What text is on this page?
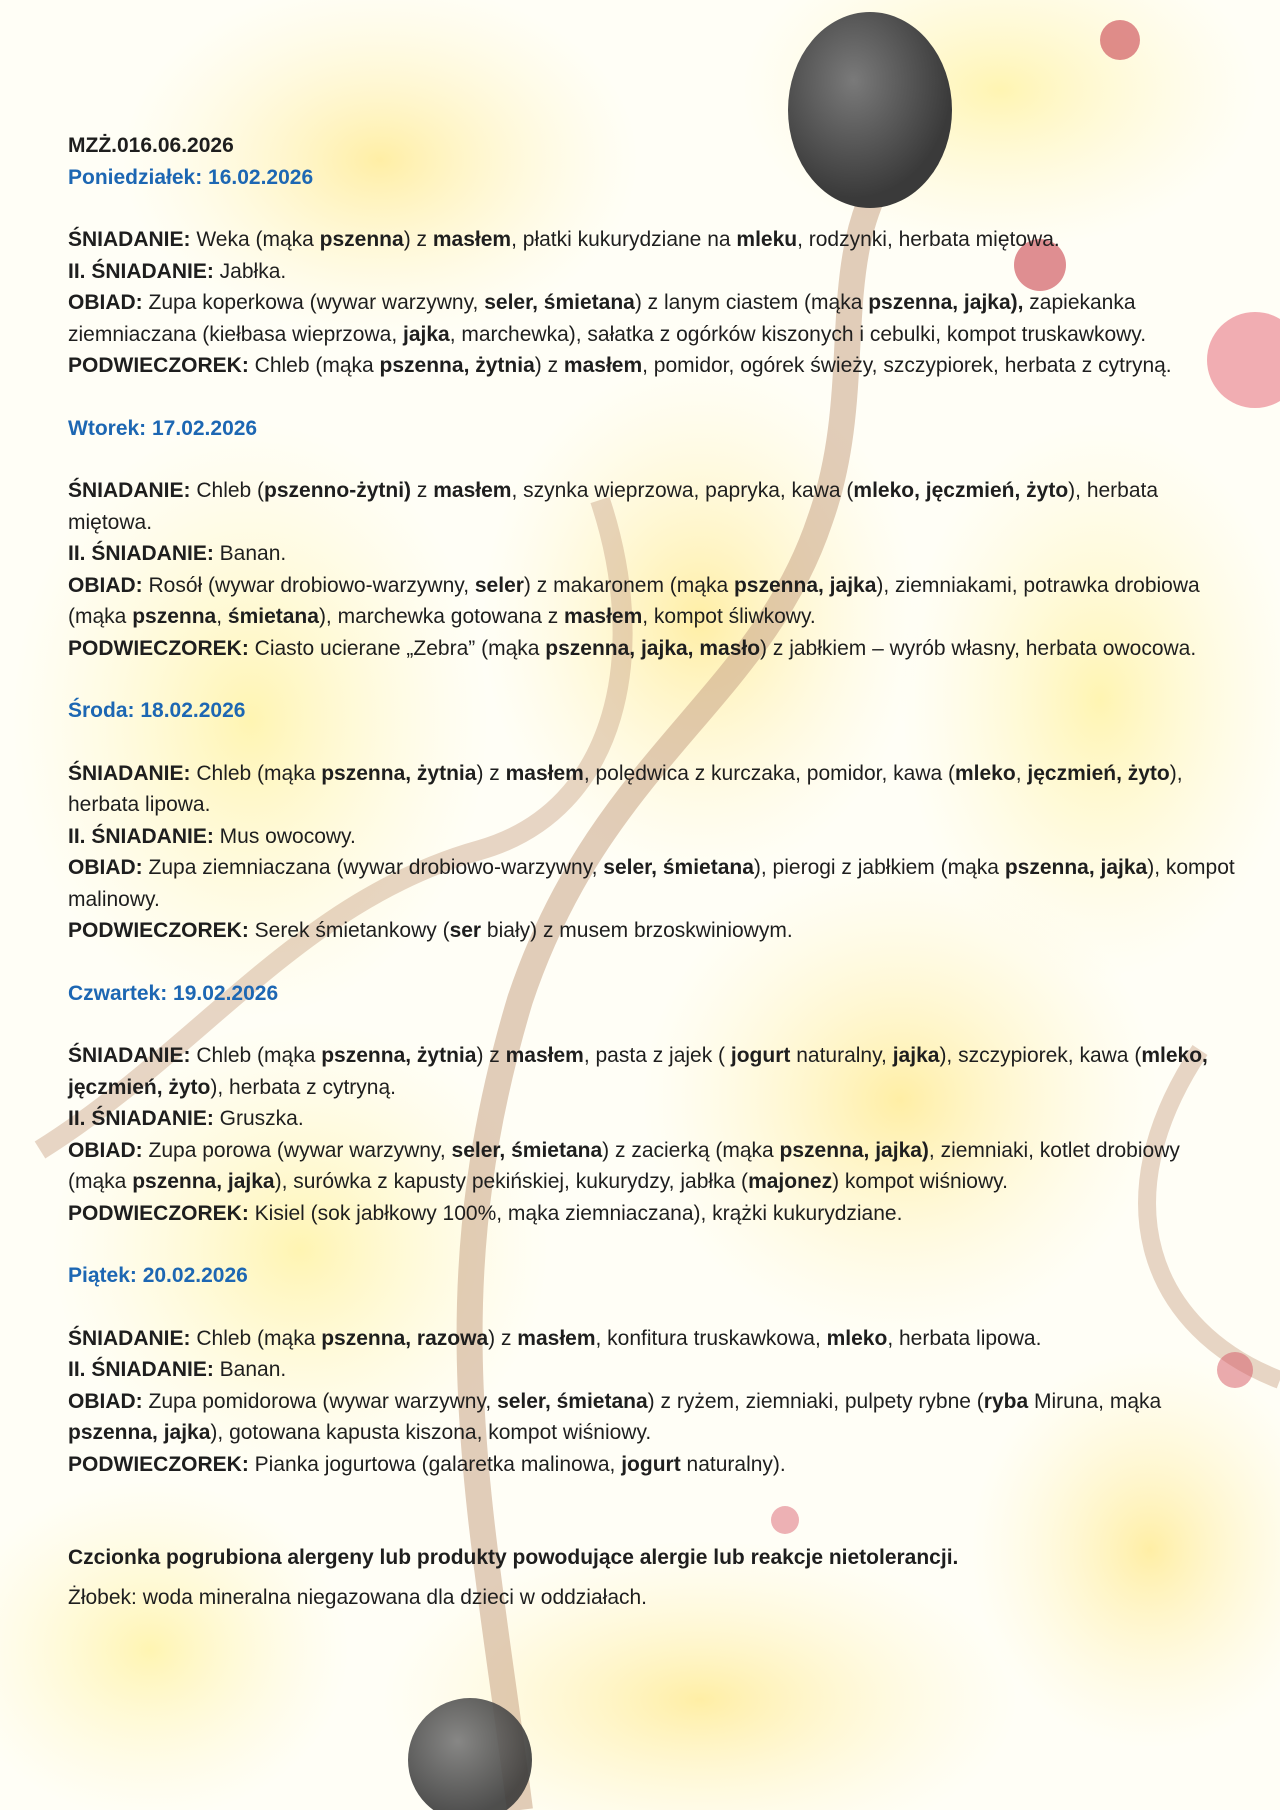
MZŻ.016.06.2026

Poniedziałek: 16.02.2026

ŚNIADANIE: Weka (mąka pszenna) z masłem, płatki kukurydziane na mleku, rodzynki, herbata miętowa.

II. ŚNIADANIE: Jabłka.

OBIAD: Zupa koperkowa (wywar warzywny, seler, śmietana) z lanym ciastem (mąka pszenna, jajka), zapiekanka ziemniaczana (kiełbasa wieprzowa, jajka, marchewka), sałatka z ogórków kiszonych i cebulki, kompot truskawkowy.

PODWIECZOREK: Chleb (mąka pszenna, żytnia) z masłem, pomidor, ogórek świeży, szczypiorek, herbata z cytryną.

Wtorek: 17.02.2026

ŚNIADANIE: Chleb (pszenno-żytni) z masłem, szynka wieprzowa, papryka, kawa (mleko, jęczmień, żyto), herbata miętowa.

II. ŚNIADANIE: Banan.

OBIAD: Rosół (wywar drobiowo-warzywny, seler) z makaronem (mąka pszenna, jajka), ziemniakami, potrawka drobiowa (mąka pszenna, śmietana), marchewka gotowana z masłem, kompot śliwkowy.

PODWIECZOREK: Ciasto ucierane „Zebra” (mąka pszenna, jajka, masło) z jabłkiem – wyrób własny, herbata owocowa.

Środa: 18.02.2026

ŚNIADANIE: Chleb (mąka pszenna, żytnia) z masłem, polędwica z kurczaka, pomidor, kawa (mleko, jęczmień, żyto), herbata lipowa.

II. ŚNIADANIE: Mus owocowy.

OBIAD: Zupa ziemniaczana (wywar drobiowo-warzywny, seler, śmietana), pierogi z jabłkiem (mąka pszenna, jajka), kompot malinowy.

PODWIECZOREK: Serek śmietankowy (ser biały) z musem brzoskwiniowym.

Czwartek: 19.02.2026

ŚNIADANIE: Chleb (mąka pszenna, żytnia) z masłem, pasta z jajek ( jogurt naturalny, jajka), szczypiorek, kawa (mleko, jęczmień, żyto), herbata z cytryną.

II. ŚNIADANIE: Gruszka.

OBIAD: Zupa porowa (wywar warzywny, seler, śmietana) z zacierką (mąka pszenna, jajka), ziemniaki, kotlet drobiowy (mąka pszenna, jajka), surówka z kapusty pekińskiej, kukurydzy, jabłka (majonez) kompot wiśniowy.

PODWIECZOREK: Kisiel (sok jabłkowy 100%, mąka ziemniaczana), krążki kukurydziane.

Piątek: 20.02.2026

ŚNIADANIE: Chleb (mąka pszenna, razowa) z masłem, konfitura truskawkowa, mleko, herbata lipowa.

II. ŚNIADANIE: Banan.

OBIAD: Zupa pomidorowa (wywar warzywny, seler, śmietana) z ryżem, ziemniaki, pulpety rybne (ryba Miruna, mąka pszenna, jajka), gotowana kapusta kiszona, kompot wiśniowy.

PODWIECZOREK: Pianka jogurtowa (galaretka malinowa, jogurt naturalny).

Czcionka pogrubiona alergeny lub produkty powodujące alergie lub reakcje nietolerancji.

Żłobek: woda mineralna niegazowana dla dzieci w oddziałach.
